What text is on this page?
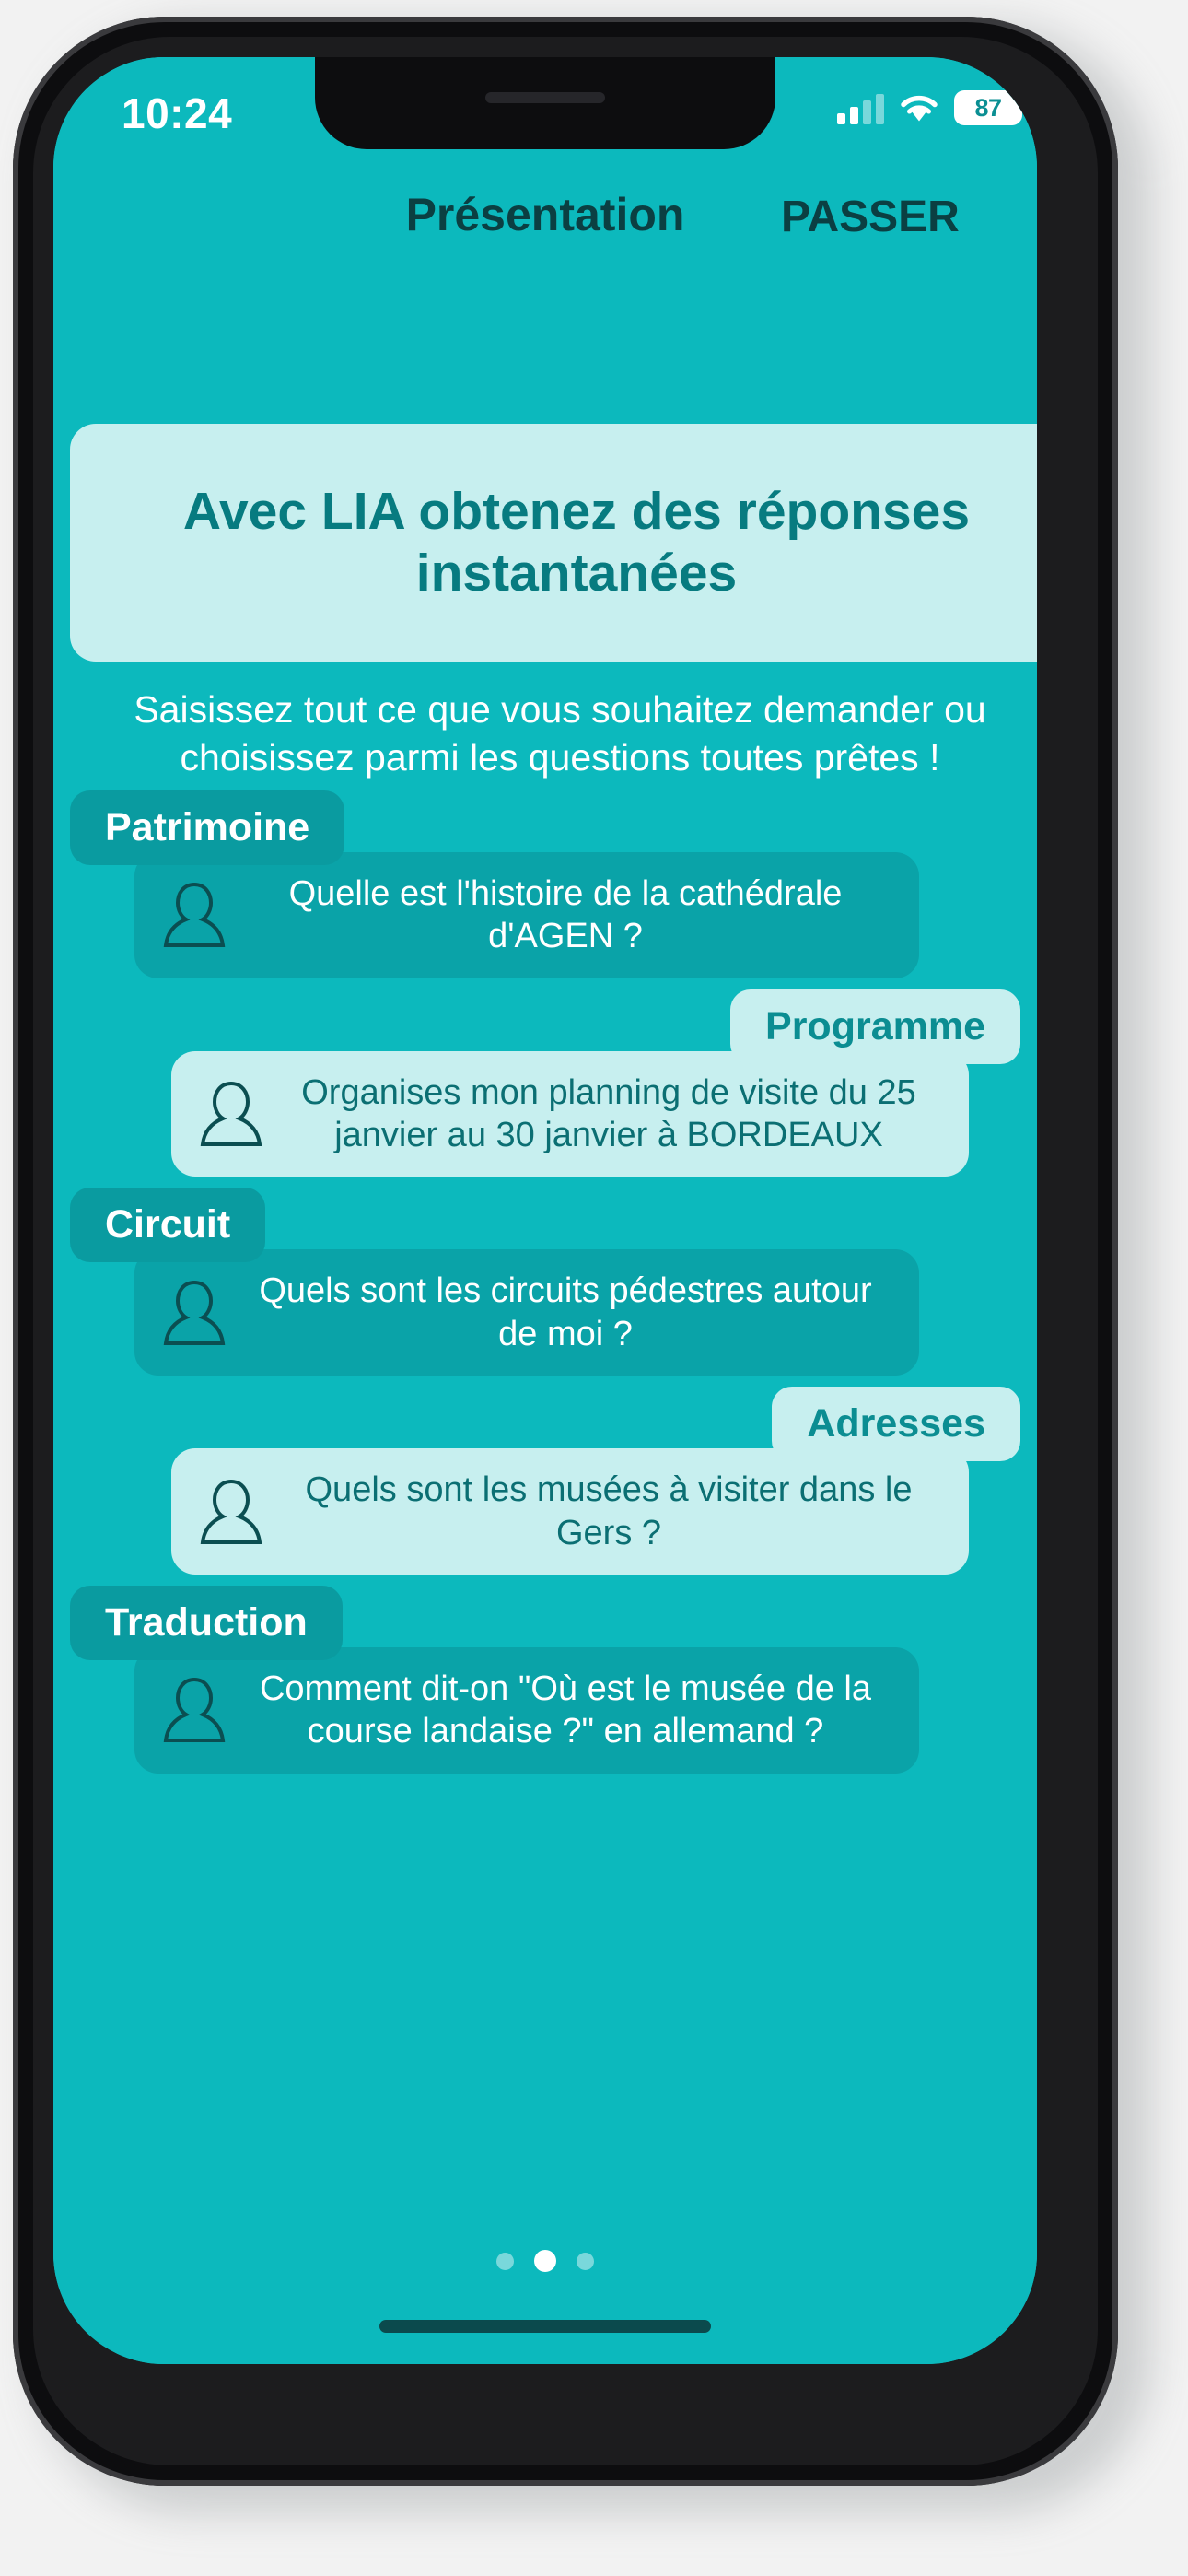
10:24	87
Présentation	PASSER
Avec LIA obtenez des réponses instantanées
Saisissez tout ce que vous souhaitez demander ou choisissez parmi les questions toutes prêtes !
Patrimoine
Quelle est l'histoire de la cathédrale d'AGEN ?
Programme
Organises mon planning de visite du 25 janvier au 30 janvier à BORDEAUX
Circuit
Quels sont les circuits pédestres autour de moi ?
Adresses
Quels sont les musées à visiter dans le Gers ?
Traduction
Comment dit-on "Où est le musée de la course landaise ?" en allemand ?
